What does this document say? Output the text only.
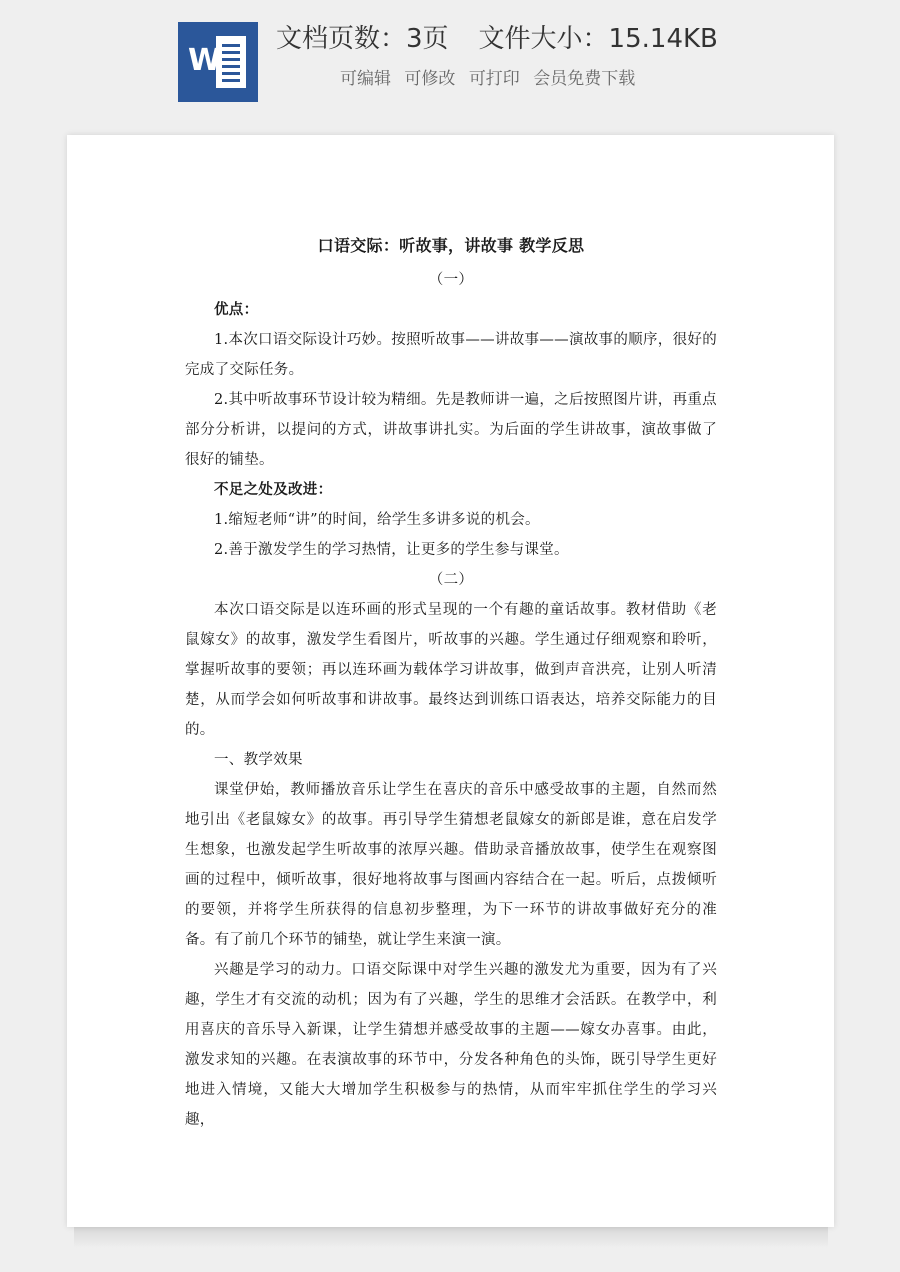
W
文档页数：3页 文件大小：15.14KB
可编辑 可修改 可打印 会员免费下载
口语交际：听故事，讲故事 教学反思
（一）
优点：

1.本次口语交际设计巧妙。按照听故事——讲故事——演故事的顺序，很好的完成了交际任务。

2.其中听故事环节设计较为精细。先是教师讲一遍，之后按照图片讲，再重点部分分析讲，以提问的方式，讲故事讲扎实。为后面的学生讲故事，演故事做了很好的铺垫。

不足之处及改进：

1.缩短老师“讲”的时间，给学生多讲多说的机会。

2.善于激发学生的学习热情，让更多的学生参与课堂。

（二）

本次口语交际是以连环画的形式呈现的一个有趣的童话故事。教材借助《老鼠嫁女》的故事，激发学生看图片，听故事的兴趣。学生通过仔细观察和聆听，掌握听故事的要领；再以连环画为载体学习讲故事，做到声音洪亮，让别人听清楚，从而学会如何听故事和讲故事。最终达到训练口语表达，培养交际能力的目的。

一、教学效果

课堂伊始，教师播放音乐让学生在喜庆的音乐中感受故事的主题，自然而然地引出《老鼠嫁女》的故事。再引导学生猜想老鼠嫁女的新郎是谁，意在启发学生想象，也激发起学生听故事的浓厚兴趣。借助录音播放故事，使学生在观察图画的过程中，倾听故事，很好地将故事与图画内容结合在一起。听后，点拨倾听的要领，并将学生所获得的信息初步整理，为下一环节的讲故事做好充分的准备。有了前几个环节的铺垫，就让学生来演一演。

兴趣是学习的动力。口语交际课中对学生兴趣的激发尤为重要，因为有了兴趣，学生才有交流的动机；因为有了兴趣，学生的思维才会活跃。在教学中，利用喜庆的音乐导入新课，让学生猜想并感受故事的主题——嫁女办喜事。由此，激发求知的兴趣。在表演故事的环节中，分发各种角色的头饰，既引导学生更好地进入情境，又能大大增加学生积极参与的热情，从而牢牢抓住学生的学习兴趣，
